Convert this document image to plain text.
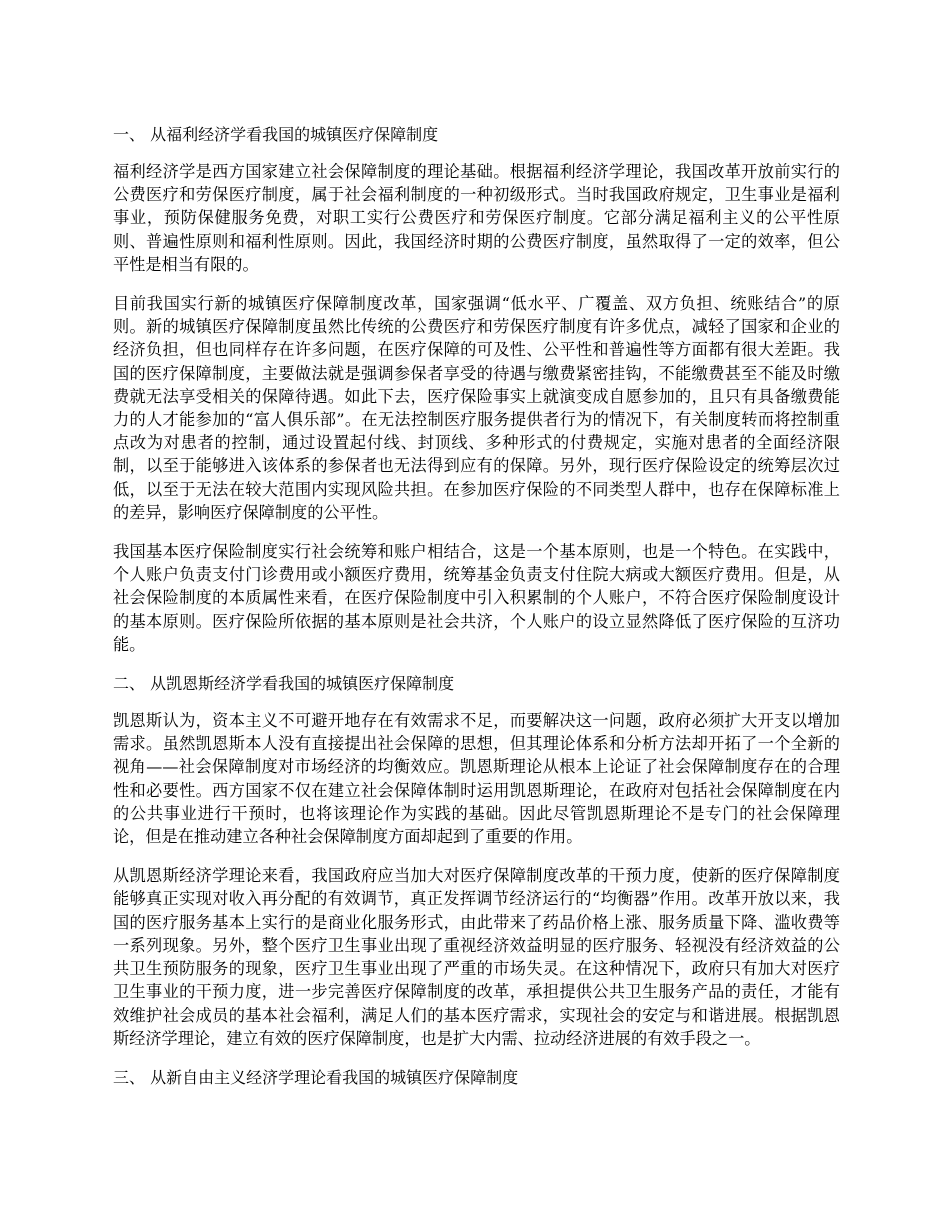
一、 从福利经济学看我国的城镇医疗保障制度

福利经济学是西方国家建立社会保障制度的理论基础。根据福利经济学理论，我国改革开放前实行的公费医疗和劳保医疗制度，属于社会福利制度的一种初级形式。当时我国政府规定，卫生事业是福利事业，预防保健服务免费，对职工实行公费医疗和劳保医疗制度。它部分满足福利主义的公平性原则、普遍性原则和福利性原则。因此，我国经济时期的公费医疗制度，虽然取得了一定的效率，但公平性是相当有限的。

目前我国实行新的城镇医疗保障制度改革，国家强调“低水平、广覆盖、双方负担、统账结合”的原则。新的城镇医疗保障制度虽然比传统的公费医疗和劳保医疗制度有许多优点，减轻了国家和企业的经济负担，但也同样存在许多问题，在医疗保障的可及性、公平性和普遍性等方面都有很大差距。我国的医疗保障制度，主要做法就是强调参保者享受的待遇与缴费紧密挂钩，不能缴费甚至不能及时缴费就无法享受相关的保障待遇。如此下去，医疗保险事实上就演变成自愿参加的，且只有具备缴费能力的人才能参加的“富人俱乐部”。在无法控制医疗服务提供者行为的情况下，有关制度转而将控制重点改为对患者的控制，通过设置起付线、封顶线、多种形式的付费规定，实施对患者的全面经济限制，以至于能够进入该体系的参保者也无法得到应有的保障。另外，现行医疗保险设定的统筹层次过低，以至于无法在较大范围内实现风险共担。在参加医疗保险的不同类型人群中，也存在保障标准上的差异，影响医疗保障制度的公平性。

我国基本医疗保险制度实行社会统筹和账户相结合，这是一个基本原则，也是一个特色。在实践中，个人账户负责支付门诊费用或小额医疗费用，统筹基金负责支付住院大病或大额医疗费用。但是，从社会保险制度的本质属性来看，在医疗保险制度中引入积累制的个人账户，不符合医疗保险制度设计的基本原则。医疗保险所依据的基本原则是社会共济，个人账户的设立显然降低了医疗保险的互济功能。

二、 从凯恩斯经济学看我国的城镇医疗保障制度

凯恩斯认为，资本主义不可避开地存在有效需求不足，而要解决这一问题，政府必须扩大开支以增加需求。虽然凯恩斯本人没有直接提出社会保障的思想，但其理论体系和分析方法却开拓了一个全新的视角——社会保障制度对市场经济的均衡效应。凯恩斯理论从根本上论证了社会保障制度存在的合理性和必要性。西方国家不仅在建立社会保障体制时运用凯恩斯理论，在政府对包括社会保障制度在内的公共事业进行干预时，也将该理论作为实践的基础。因此尽管凯恩斯理论不是专门的社会保障理论，但是在推动建立各种社会保障制度方面却起到了重要的作用。

从凯恩斯经济学理论来看，我国政府应当加大对医疗保障制度改革的干预力度，使新的医疗保障制度能够真正实现对收入再分配的有效调节，真正发挥调节经济运行的“均衡器”作用。改革开放以来，我国的医疗服务基本上实行的是商业化服务形式，由此带来了药品价格上涨、服务质量下降、滥收费等一系列现象。另外，整个医疗卫生事业出现了重视经济效益明显的医疗服务、轻视没有经济效益的公共卫生预防服务的现象，医疗卫生事业出现了严重的市场失灵。在这种情况下，政府只有加大对医疗卫生事业的干预力度，进一步完善医疗保障制度的改革，承担提供公共卫生服务产品的责任，才能有效维护社会成员的基本社会福利，满足人们的基本医疗需求，实现社会的安定与和谐进展。根据凯恩斯经济学理论，建立有效的医疗保障制度，也是扩大内需、拉动经济进展的有效手段之一。

三、 从新自由主义经济学理论看我国的城镇医疗保障制度
